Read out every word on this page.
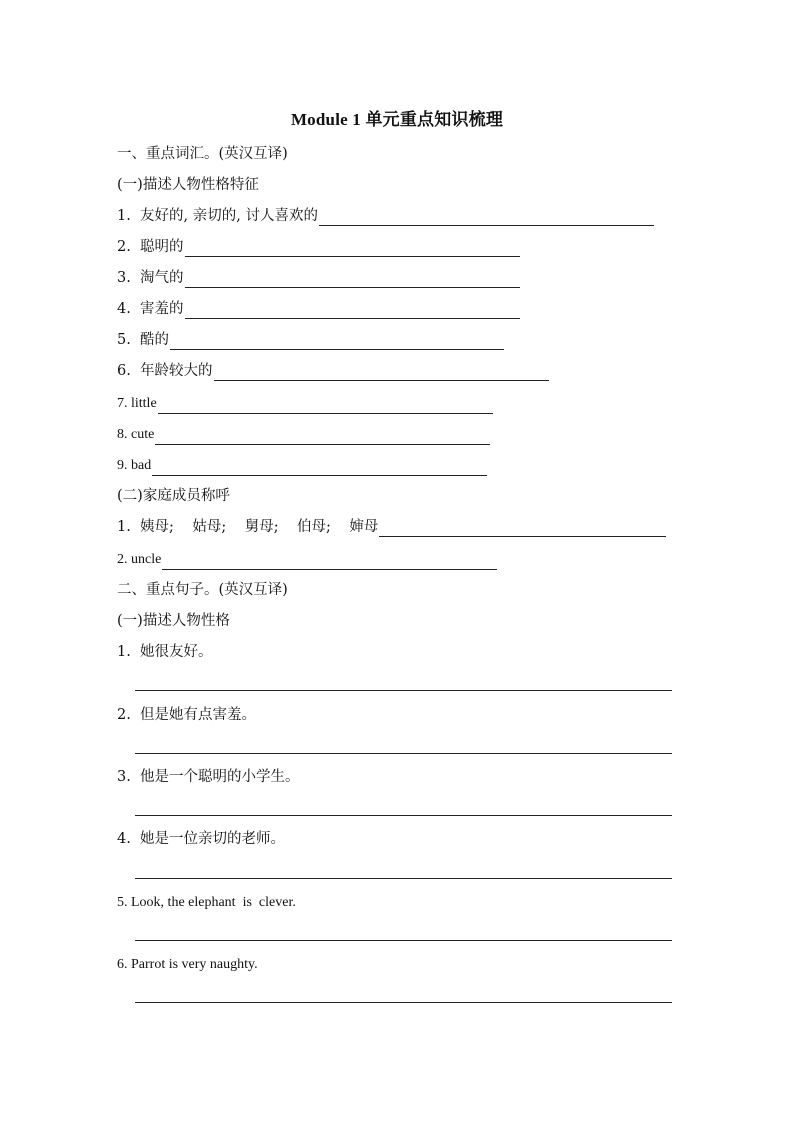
Module 1 单元重点知识梳理
一、重点词汇。(英汉互译)
(一)描述人物性格特征
1.  友好的, 亲切的, 讨人喜欢的
2.  聪明的
3.  淘气的
4.  害羞的
5.  酷的
6.  年龄较大的
7. little
8. cute
9. bad
(二)家庭成员称呼
1.  姨母;    姑母;    舅母;    伯母;    婶母
2. uncle
二、重点句子。(英汉互译)
(一)描述人物性格
1.  她很友好。
2.  但是她有点害羞。
3.  他是一个聪明的小学生。
4.  她是一位亲切的老师。
5. Look, the elephant  is  clever.
6. Parrot is very naughty.
